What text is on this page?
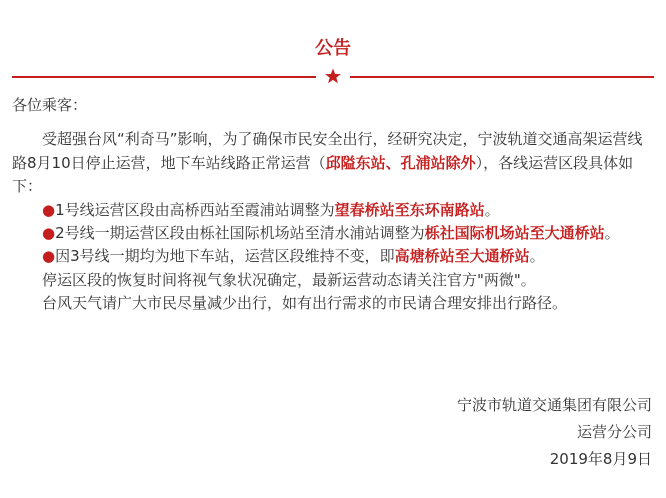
公告

各位乘客：

受超强台风“利奇马”影响，为了确保市民安全出行，经研究决定，宁波轨道交通高架运营线路8月10日停止运营，地下车站线路正常运营（邱隘东站、孔浦站除外），各线运营区段具体如下：

●1号线运营区段由高桥西站至霞浦站调整为望春桥站至东环南路站。

●2号线一期运营区段由栎社国际机场站至清水浦站调整为栎社国际机场站至大通桥站。

●因3号线一期均为地下车站，运营区段维持不变，即高塘桥站至大通桥站。

停运区段的恢复时间将视气象状况确定，最新运营动态请关注官方"两微"。

台风天气请广大市民尽量减少出行，如有出行需求的市民请合理安排出行路径。

宁波市轨道交通集团有限公司
运营分公司
2019年8月9日
